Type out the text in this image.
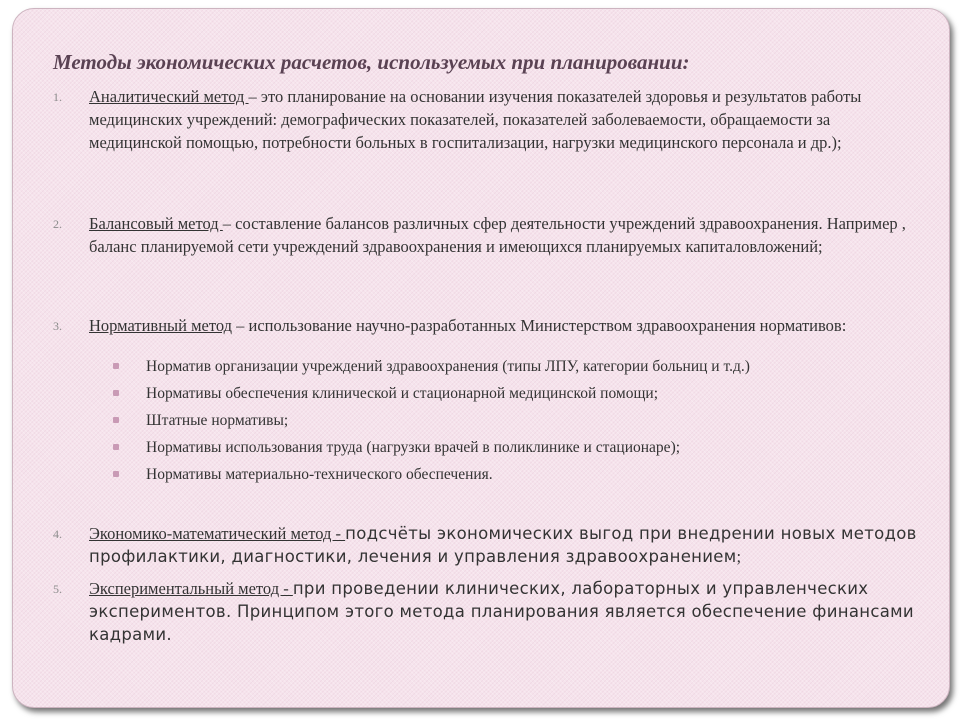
Методы экономических расчетов, используемых при планировании:
1. Аналитический метод – это планирование на основании изучения показателей здоровья и результатов работы медицинских учреждений: демографических показателей, показателей заболеваемости, обращаемости за медицинской помощью, потребности больных в госпитализации, нагрузки медицинского персонала и др.);
2. Балансовый метод – составление балансов различных сфер деятельности учреждений здравоохранения. Например , баланс планируемой сети учреждений здравоохранения и имеющихся планируемых капиталовложений;
3. Нормативный метод – использование научно-разработанных Министерством здравоохранения нормативов:
Норматив организации учреждений здравоохранения (типы ЛПУ, категории больниц и т.д.)
Нормативы обеспечения клинической и стационарной медицинской помощи;
Штатные нормативы;
Нормативы использования труда (нагрузки врачей в поликлинике и стационаре);
Нормативы материально-технического обеспечения.
4. Экономико-математический метод - подсчёты экономических выгод при внедрении новых методов профилактики, диагностики, лечения и управления здравоохранением;
5. Экспериментальный метод - при проведении клинических, лабораторных и управленческих экспериментов. Принципом этого метода планирования является обеспечение финансами кадрами.
